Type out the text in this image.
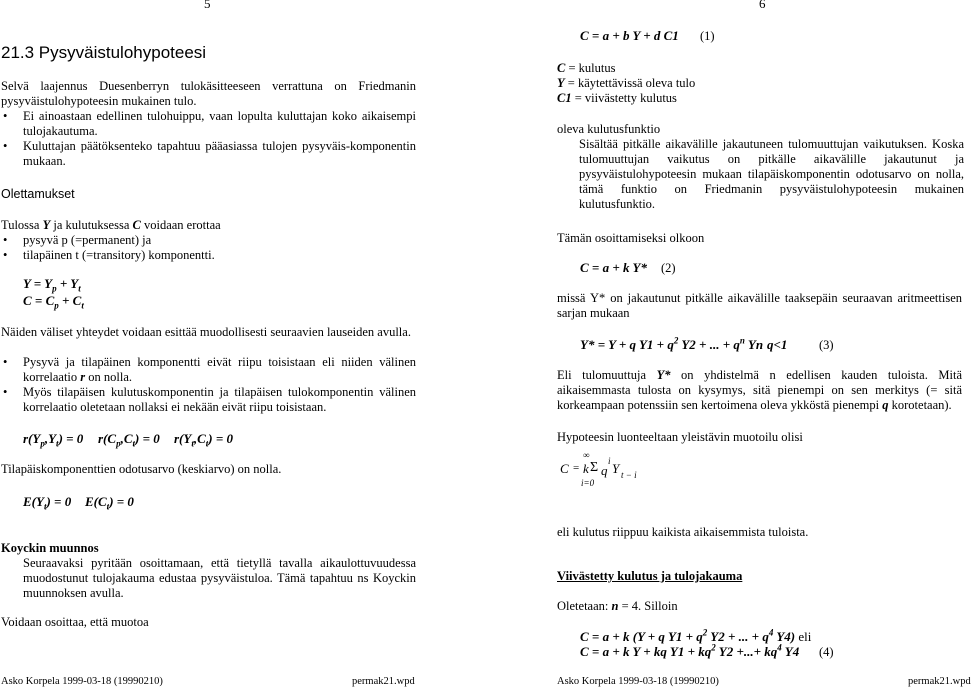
5
21.3 Pysyväistulohypoteesi
Selvä laajennus Duesenberryn tulokäsitteeseen verrattuna on Friedmanin pysyväistulohypoteesin mukainen tulo.
• Ei ainoastaan edellinen tulohuippu, vaan lopulta kuluttajan koko aikaisempi tulojakautuma.
• Kuluttajan päätöksenteko tapahtuu pääasiassa tulojen pysyväis-komponentin mukaan.
Olettamukset
Tulossa Y ja kulutuksessa C voidaan erottaa
• pysyvä p (=permanent) ja
• tilapäinen t (=transitory) komponentti.
$Y = Y_p + Y_t$
$C = C_p + C_t$
Näiden väliset yhteydet voidaan esittää muodollisesti seuraavien lauseiden avulla.
• Pysyvä ja tilapäinen komponentti eivät riipu toisistaan eli niiden välinen korrelaatio r on nolla.
• Myös tilapäisen kulutuskomponentin ja tilapäisen tulokomponentin välinen korrelaatio oletetaan nollaksi ei nekään eivät riipu toisistaan.
$r(Y_p,Y_t) = 0$ $r(C_p,C_t) = 0$ $r(Y_t,C_t) = 0$
Tilapäiskomponenttien odotusarvo (keskiarvo) on nolla.
$E(Y_t) = 0$ $E(C_t) = 0$
Koyckin muunnos
Seuraavaksi pyritään osoittamaan, että tietyllä tavalla aikaulottuvuudessa muodostunut tulojakauma edustaa pysyväistuloa. Tämä tapahtuu ns Koyckin muunnoksen avulla.
Voidaan osoittaa, että muotoa
Asko Korpela 1999-03-18 (19990210)	permak21.wpd
6
C = a + b Y + d C1 (1)
C = kulutus
Y = käytettävissä oleva tulo
C1 = viivästetty kulutus
oleva kulutusfunktio
Sisältää pitkälle aikavälille jakautuneen tulomuuttujan vaikutuksen. Koska tulomuuttujan vaikutus on pitkälle aikavälille jakautunut ja pysyväistulohypoteesin mukaan tilapäiskomponentin odotusarvo on nolla, tämä funktio on Friedmanin pysyväistulohypoteesin mukainen kulutusfunktio.
Tämän osoittamiseksi olkoon
C = a + k Y* (2)
missä Y* on jakautunut pitkälle aikavälille taaksepäin seuraavan aritmeettisen sarjan mukaan
Y* = Y + q $Y1 + q^2$ Y2 + ... + $q^n$ Yn q<1	(3)
Eli tulomuuttuja Y* on yhdistelmä n edellisen kauden tuloista. Mitä aikaisemmasta tulosta on kysymys, sitä pienempi on sen merkitys (= sitä korkeampaan potenssiin sen kertoimena oleva ykköstä pienempi q korotetaan).
Hypoteesin luonteeltaan yleistävin muotoilu olisi
∞
C = k Σ q
i Y t − i
i=0
eli kulutus riippuu kaikista aikaisemmista tuloista.
Viivästetty kulutus ja tulojakauma
Oletetaan: n = 4. Silloin
C = a + k (Y + q $Y1 + q^2$ Y2 + ... + $q^4$ Y4) eli
C = a + k Y + kq $Y1 + kq^2$ Y2 +...+ $kq^4$ Y4 (4)
Asko Korpela 1999-03-18 (19990210)	permak21.wpd
